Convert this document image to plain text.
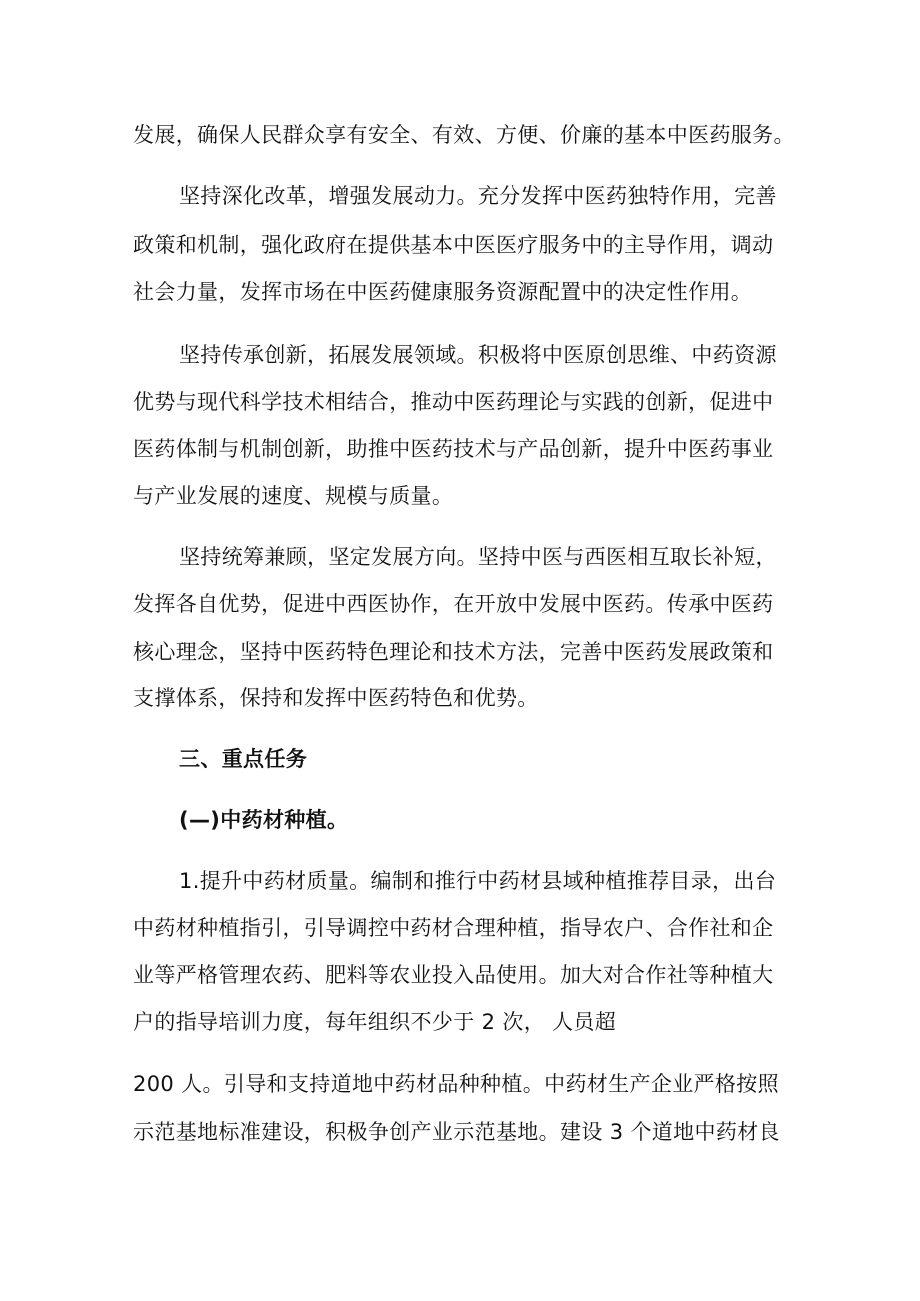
发展，确保人民群众享有安全、有效、方便、价廉的基本中医药服务。

坚持深化改革，增强发展动力。充分发挥中医药独特作用，完善

政策和机制，强化政府在提供基本中医医疗服务中的主导作用，调动

社会力量，发挥市场在中医药健康服务资源配置中的决定性作用。

坚持传承创新，拓展发展领域。积极将中医原创思维、中药资源

优势与现代科学技术相结合，推动中医药理论与实践的创新，促进中

医药体制与机制创新，助推中医药技术与产品创新，提升中医药事业

与产业发展的速度、规模与质量。

坚持统筹兼顾，坚定发展方向。坚持中医与西医相互取长补短，

发挥各自优势，促进中西医协作，在开放中发展中医药。传承中医药

核心理念，坚持中医药特色理论和技术方法，完善中医药发展政策和

支撑体系，保持和发挥中医药特色和优势。

三、重点任务
(—)中药材种植。

1.提升中药材质量。编制和推行中药材县域种植推荐目录，出台

中药材种植指引，引导调控中药材合理种植，指导农户、合作社和企

业等严格管理农药、肥料等农业投入品使用。加大对合作社等种植大

户的指导培训力度，每年组织不少于 2 次， 人员超

200 人。引导和支持道地中药材品种种植。中药材生产企业严格按照

示范基地标准建设，积极争创产业示范基地。建设 3 个道地中药材良
